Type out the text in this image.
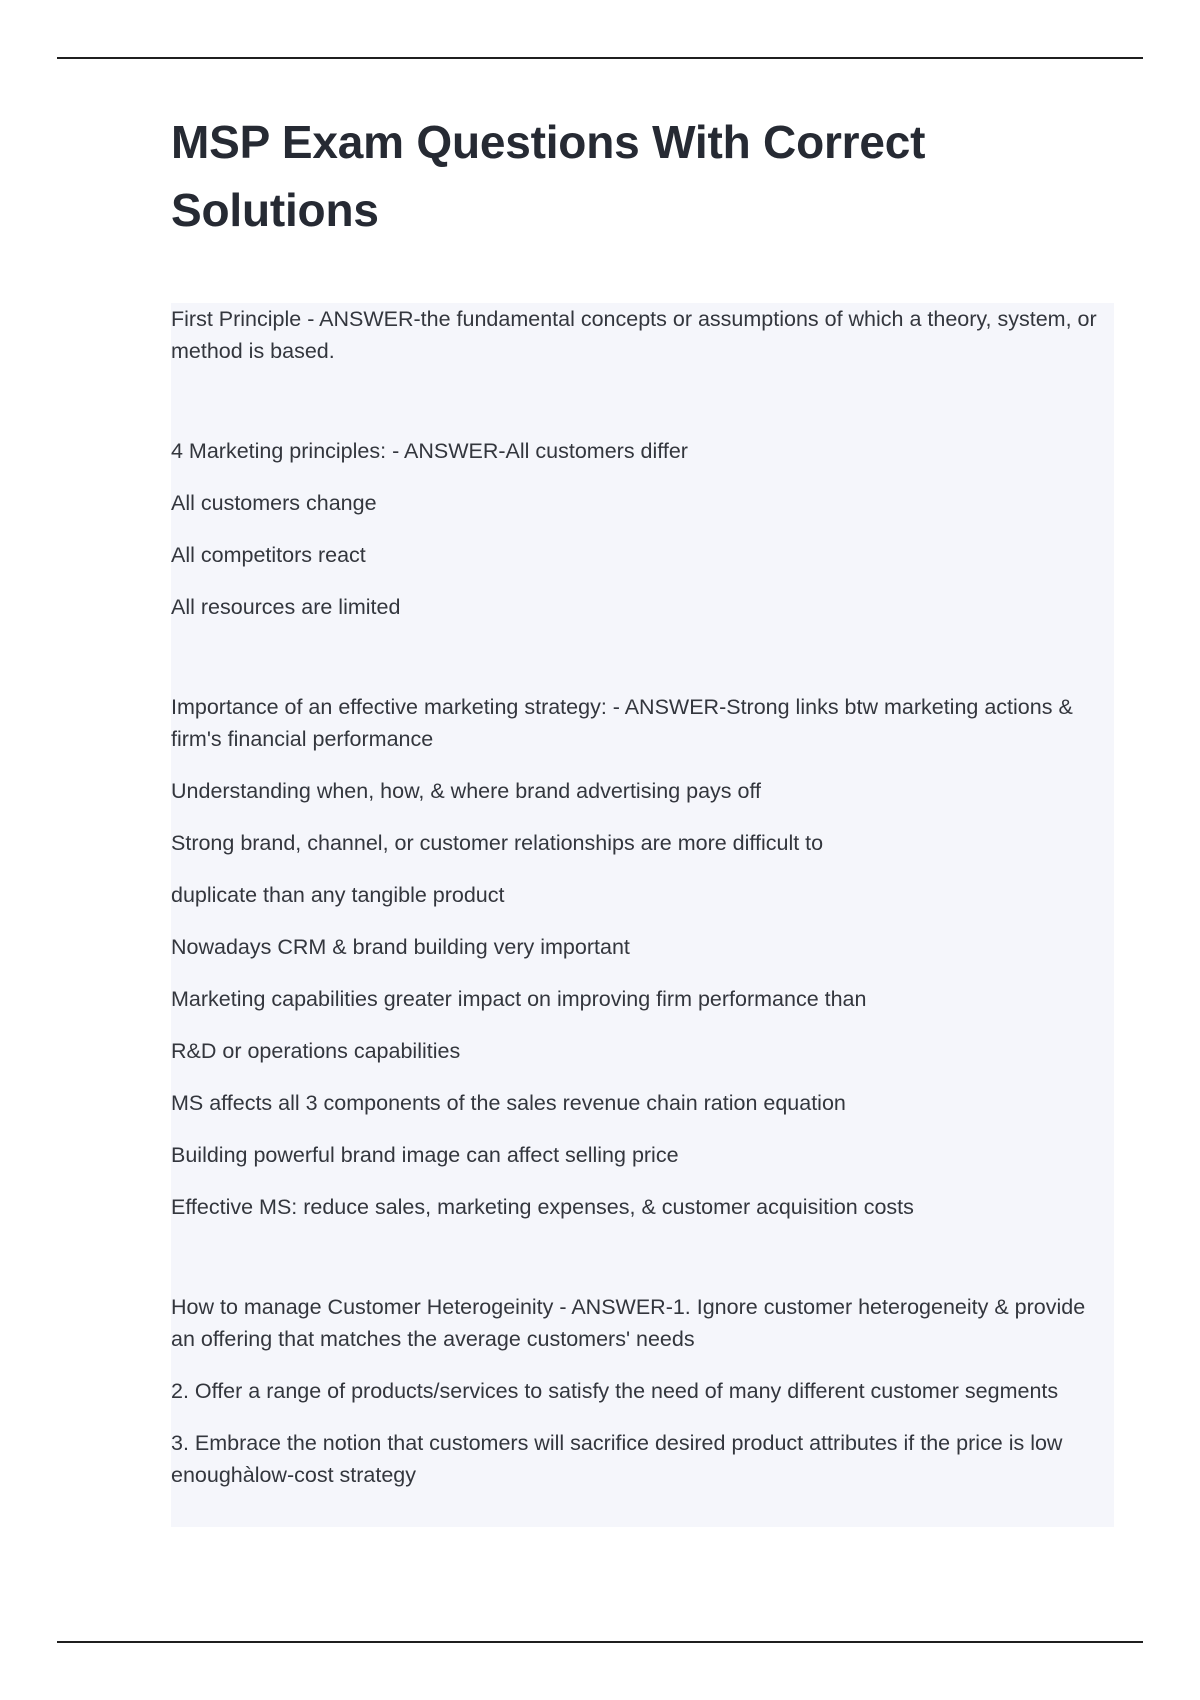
MSP Exam Questions With Correct Solutions

First Principle - ANSWER-the fundamental concepts or assumptions of which a theory, system, or method is based.

4 Marketing principles: - ANSWER-All customers differ

All customers change

All competitors react

All resources are limited

Importance of an effective marketing strategy: - ANSWER-Strong links btw marketing actions & firm's financial performance

Understanding when, how, & where brand advertising pays off

Strong brand, channel, or customer relationships are more difficult to

duplicate than any tangible product

Nowadays CRM & brand building very important

Marketing capabilities greater impact on improving firm performance than

R&D or operations capabilities

MS affects all 3 components of the sales revenue chain ration equation

Building powerful brand image can affect selling price

Effective MS: reduce sales, marketing expenses, & customer acquisition costs

How to manage Customer Heterogeinity - ANSWER-1. Ignore customer heterogeneity & provide an offering that matches the average customers' needs

2. Offer a range of products/services to satisfy the need of many different customer segments

3. Embrace the notion that customers will sacrifice desired product attributes if the price is low enoughàlow-cost strategy
